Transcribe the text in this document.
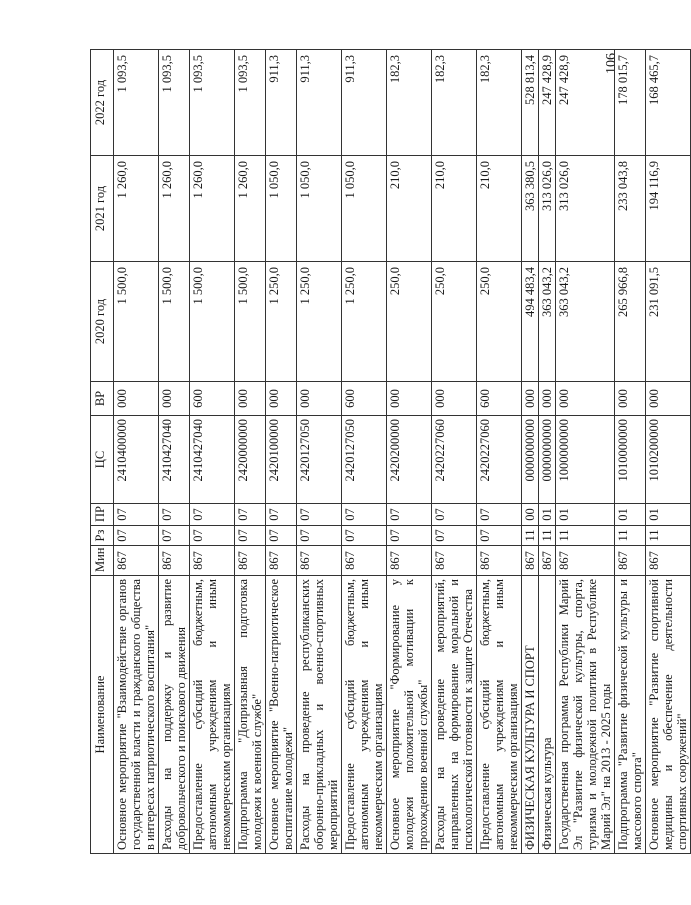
106
Наименование	Мин	Рз	ПР	ЦС	ВР	2020 год	2021 год	2022 год
Основное мероприятие "Взаимодействие органов государственной власти и гражданского общества в интересах патриотического воспитания"	867	07	07	2410400000	000	1 500,0	1 260,0	1 093,5
Расходы на поддержку и развитие добровольческого и поискового движения	867	07	07	2410427040	000	1 500,0	1 260,0	1 093,5
Предоставление субсидий бюджетным, автономным учреждениям и иным некоммерческим организациям	867	07	07	2410427040	600	1 500,0	1 260,0	1 093,5
Подпрограмма "Допризывная подготовка молодежи к военной службе"	867	07	07	2420000000	000	1 500,0	1 260,0	1 093,5
Основное мероприятие "Военно-патриотическое воспитание молодежи"	867	07	07	2420100000	000	1 250,0	1 050,0	911,3
Расходы на проведение республиканских оборонно-прикладных и военно-спортивных мероприятий	867	07	07	2420127050	000	1 250,0	1 050,0	911,3
Предоставление субсидий бюджетным, автономным учреждениям и иным некоммерческим организациям	867	07	07	2420127050	600	1 250,0	1 050,0	911,3
Основное мероприятие "Формирование у молодежи положительной мотивации к прохождению военной службы"	867	07	07	2420200000	000	250,0	210,0	182,3
Расходы на проведение мероприятий, направленных на формирование моральной и психологической готовности к защите Отечества	867	07	07	2420227060	000	250,0	210,0	182,3
Предоставление субсидий бюджетным, автономным учреждениям и иным некоммерческим организациям	867	07	07	2420227060	600	250,0	210,0	182,3
ФИЗИЧЕСКАЯ КУЛЬТУРА И СПОРТ	867	11	00	0000000000	000	494 483,4	363 380,5	528 813,4
Физическая культура	867	11	01	0000000000	000	363 043,2	313 026,0	247 428,9
Государственная программа Республики Марий Эл "Развитие физической культуры, спорта, туризма и молодежной политики в Республике Марий Эл" на 2013 - 2025 годы	867	11	01	1000000000	000	363 043,2	313 026,0	247 428,9
Подпрограмма "Развитие физической культуры и массового спорта"	867	11	01	1010000000	000	265 966,8	233 043,8	178 015,7
Основное мероприятие "Развитие спортивной медицины и обеспечение деятельности спортивных сооружений"	867	11	01	1010200000	000	231 091,5	194 116,9	168 465,7
